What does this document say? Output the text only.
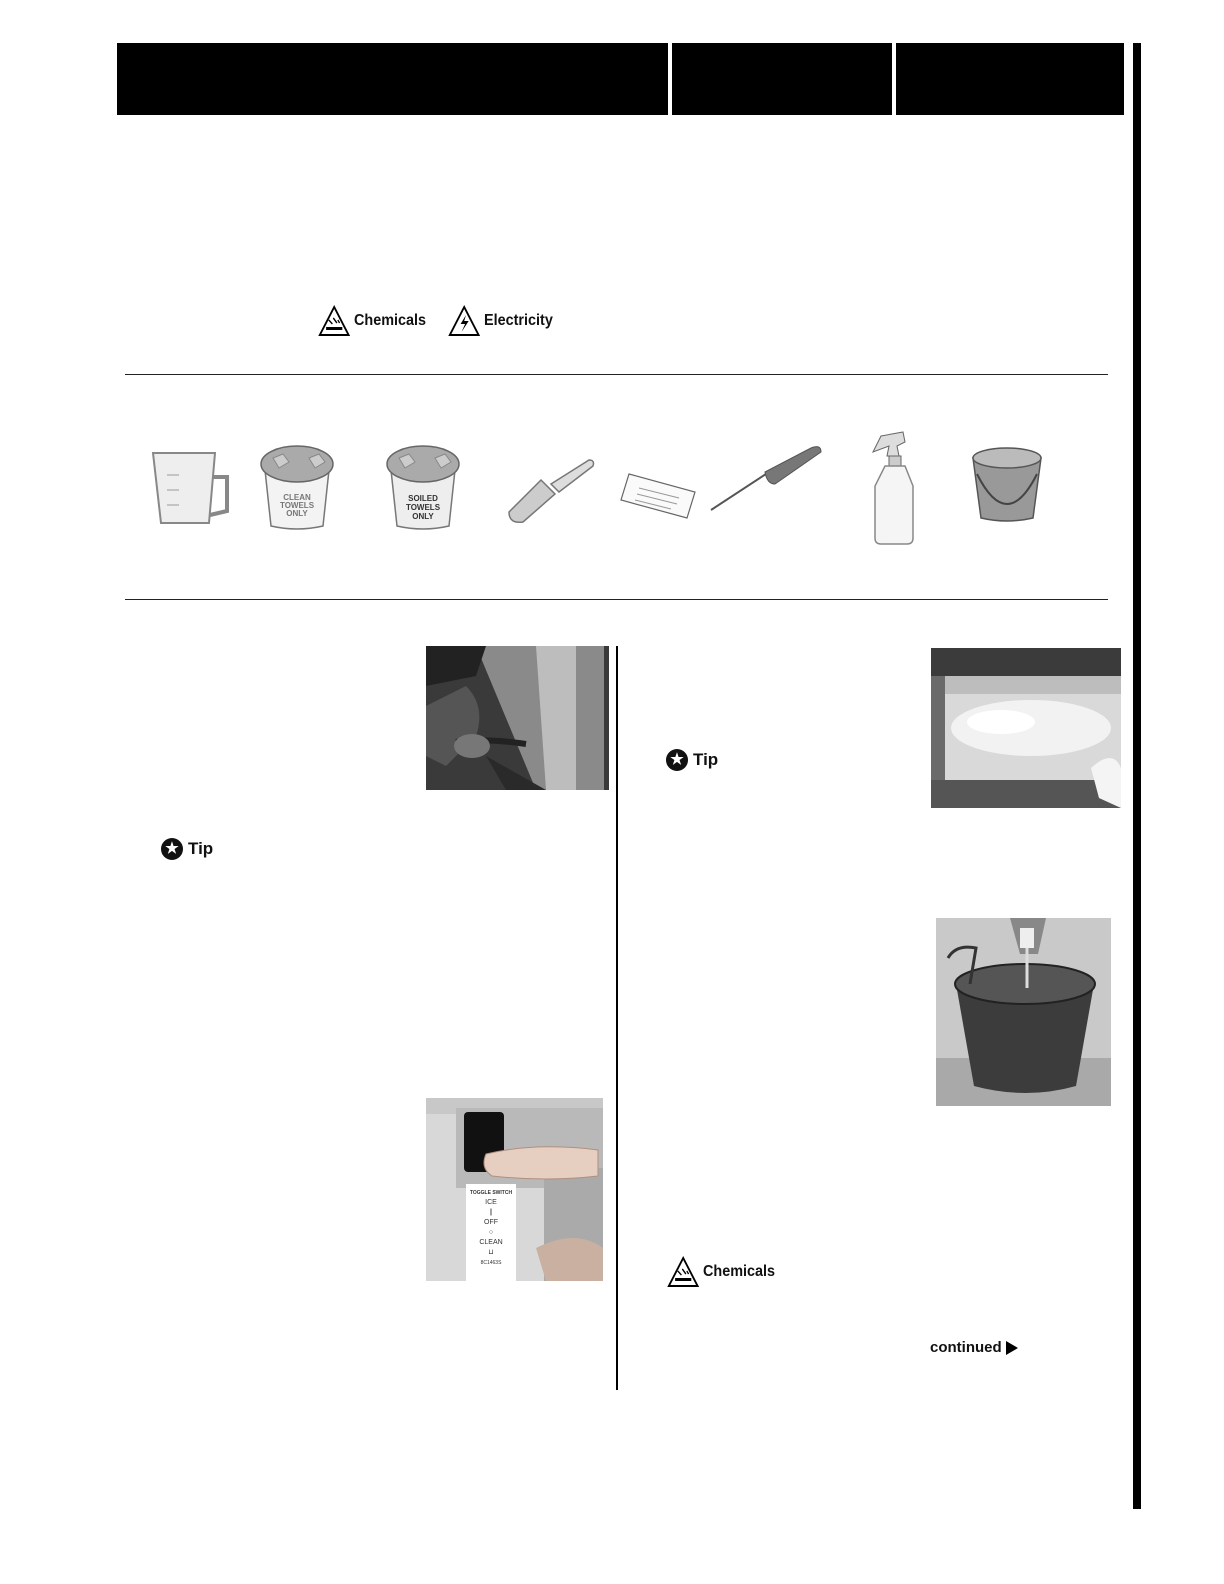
Chemicals	Electricity
CLEAN
TOWELS
ONLY
SOILED
TOWELS
ONLY
★ Tip
TOGGLE SWITCH
ICE
|
OFF
○
CLEAN
⊔
8C1463S
★ Tip
Chemicals
continued
